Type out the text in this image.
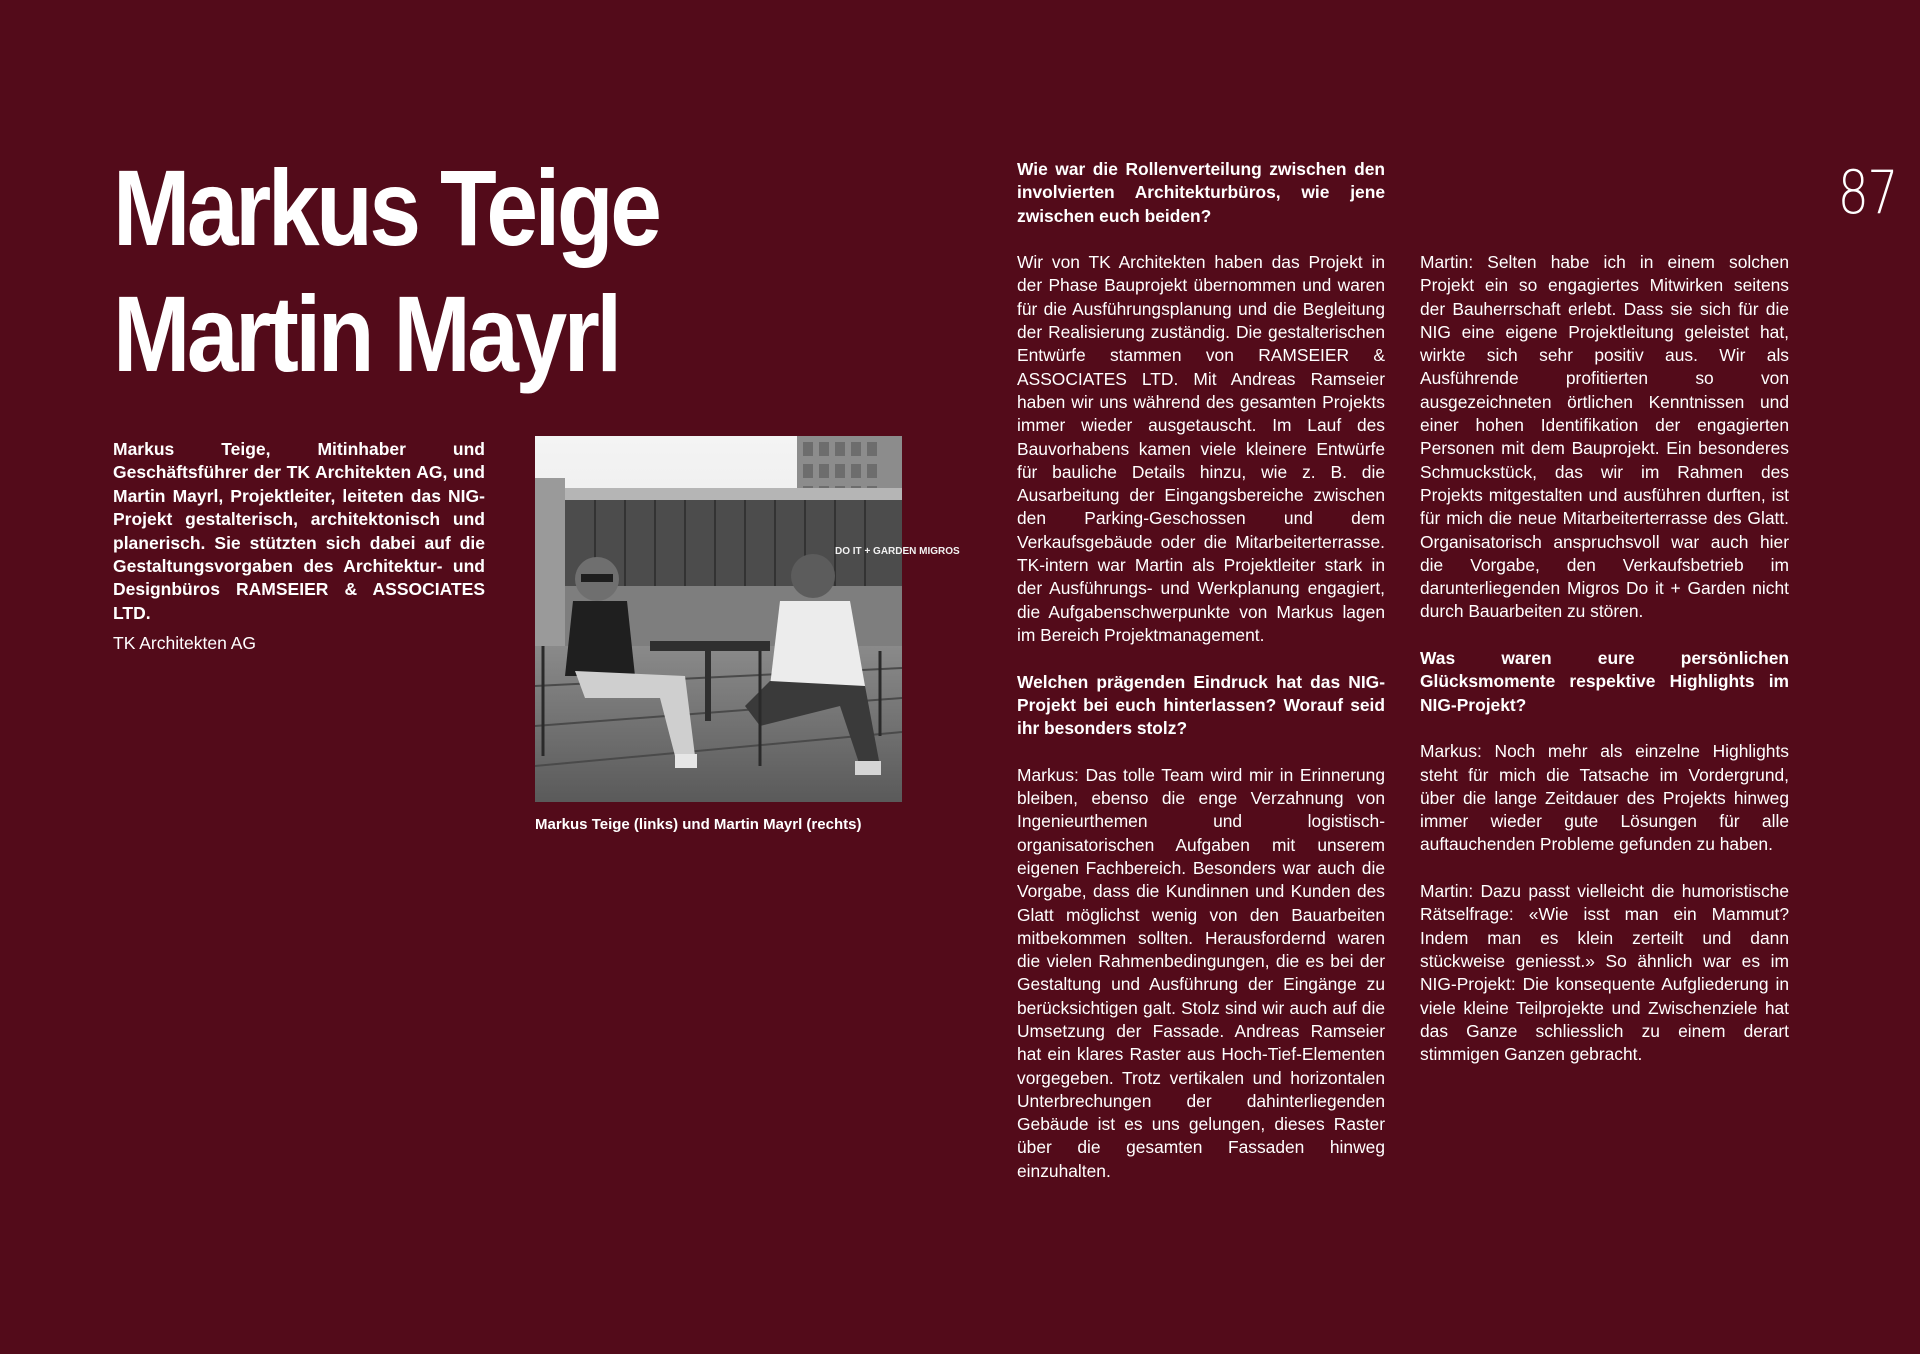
87
Markus Teige
Martin Mayrl

Markus Teige, Mitinhaber und Geschäftsführer der TK Architekten AG, und Martin Mayrl, Projektleiter, leiteten das NIG-Projekt gestalterisch, architektonisch und planerisch. Sie stützten sich dabei auf die Gestaltungsvorgaben des Architektur- und Designbüros RAMSEIER & ASSOCIATES LTD.

TK Architekten AG

DO IT + GARDEN MIGROS

Markus Teige (links) und Martin Mayrl (rechts)

Wie war die Rollenverteilung zwischen den involvierten Architekturbüros, wie jene zwischen euch beiden?

Wir von TK Architekten haben das Projekt in der Phase Bauprojekt übernommen und waren für die Ausführungsplanung und die Begleitung der Realisierung zuständig. Die gestalterischen Entwürfe stammen von RAMSEIER & ASSOCIATES LTD. Mit Andreas Ramseier haben wir uns während des gesamten Projekts immer wieder ausgetauscht. Im Lauf des Bauvorhabens kamen viele kleinere Entwürfe für bauliche Details hinzu, wie z. B. die Ausarbeitung der Eingangsbereiche zwischen den Parking-Geschossen und dem Verkaufsgebäude oder die Mitarbeiterterrasse. TK-intern war Martin als Projektleiter stark in der Ausführungs- und Werkplanung engagiert, die Aufgabenschwerpunkte von Markus lagen im Bereich Projektmanagement.

Welchen prägenden Eindruck hat das NIG-Projekt bei euch hinterlassen? Worauf seid ihr besonders stolz?

Markus: Das tolle Team wird mir in Erinnerung bleiben, ebenso die enge Verzahnung von Ingenieurthemen und logistisch-organisatorischen Aufgaben mit unserem eigenen Fachbereich. Besonders war auch die Vorgabe, dass die Kundinnen und Kunden des Glatt möglichst wenig von den Bauarbeiten mitbekommen sollten. Herausfordernd waren die vielen Rahmenbedingungen, die es bei der Gestaltung und Ausführung der Eingänge zu berücksichtigen galt. Stolz sind wir auch auf die Umsetzung der Fassade. Andreas Ramseier hat ein klares Raster aus Hoch-Tief-Elementen vorgegeben. Trotz vertikalen und horizontalen Unterbrechungen der dahinterliegenden Gebäude ist es uns gelungen, dieses Raster über die gesamten Fassaden hinweg einzuhalten.

Martin: Selten habe ich in einem solchen Projekt ein so engagiertes Mitwirken seitens der Bauherrschaft erlebt. Dass sie sich für die NIG eine eigene Projektleitung geleistet hat, wirkte sich sehr positiv aus. Wir als Ausführende profitierten so von ausgezeichneten örtlichen Kenntnissen und einer hohen Identifikation der engagierten Personen mit dem Bauprojekt. Ein besonderes Schmuckstück, das wir im Rahmen des Projekts mitgestalten und ausführen durften, ist für mich die neue Mitarbeiterterrasse des Glatt. Organisatorisch anspruchsvoll war auch hier die Vorgabe, den Verkaufsbetrieb im darunterliegenden Migros Do it + Garden nicht durch Bauarbeiten zu stören.

Was waren eure persönlichen Glücksmomente respektive Highlights im NIG-Projekt?

Markus: Noch mehr als einzelne Highlights steht für mich die Tatsache im Vordergrund, über die lange Zeitdauer des Projekts hinweg immer wieder gute Lösungen für alle auftauchenden Probleme gefunden zu haben.

Martin: Dazu passt vielleicht die humoristische Rätselfrage: «Wie isst man ein Mammut? Indem man es klein zerteilt und dann stückweise geniesst.» So ähnlich war es im NIG-Projekt: Die konsequente Aufgliederung in viele kleine Teilprojekte und Zwischenziele hat das Ganze schliesslich zu einem derart stimmigen Ganzen gebracht.
